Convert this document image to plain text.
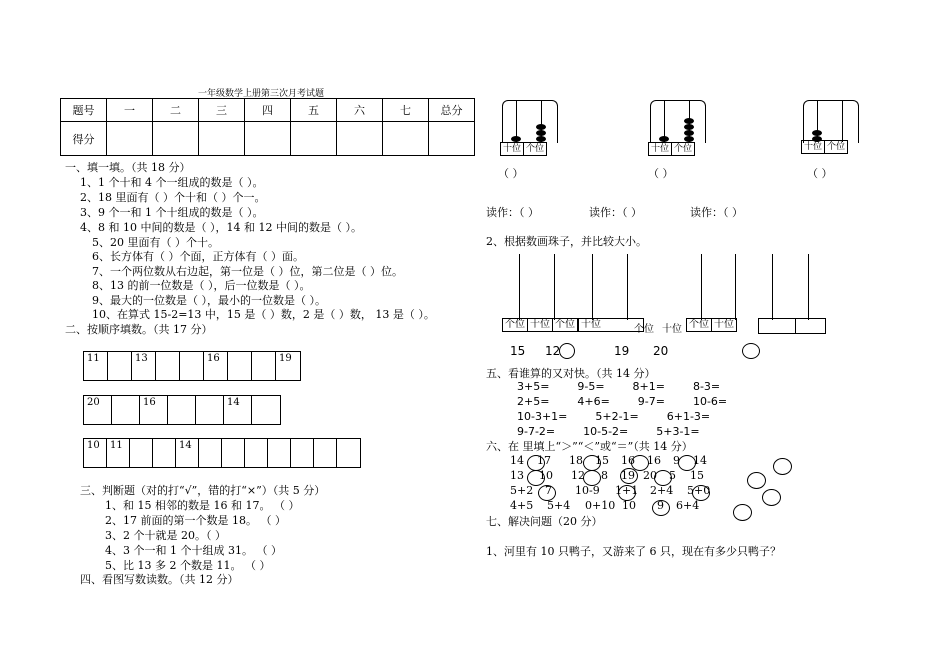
一年级数学上册第三次月考试题
题号	一	二	三	四	五	六	七	总分
得分								
一、填一填。（共 18 分）
1、1 个十和 4 个一组成的数是（ ）。
2、18 里面有（ ）个十和（ ）个一。
3、9 个一和 1 个十组成的数是（ ）。
4、8 和 10 中间的数是（ ），14 和 12 中间的数是（ ）。
5、20 里面有（ ）个十。
6、长方体有（ ）个面，正方体有（ ）面。
7、一个两位数从右边起，第一位是（ ）位，第二位是（ ）位。
8、13 的前一位数是（ ），后一位数是（ ）。
9、最大的一位数是（ ），最小的一位数是（ ）。
10、在算式 15-2=13 中，15 是（ ）数，2 是（ ）数， 13 是（ ）。
二、按顺序填数。（共 17 分）
11	13	16	19
20	16	14
10	11	14
三、判断题（对的打“√”，错的打“×”）（共 5 分）
1、和 15 相邻的数是 16 和 17。 （ ）
2、17 前面的第一个数是 18。 （ ）
3、2 个十就是 20。（ ）
4、3 个一和 1 个十组成 31。 （ ）
5、比 13 多 2 个数是 11。 （ ）
四、看图写数读数。（共 12 分）
十位 个位
（ ）
十位 个位
（ ）
十位 个位
（ ）
读作：（ ）	读作：（ ）	读作：（ ）
2、根据数画珠子，并比较大小。
个位 十位 个位 十位	个位 十位 个位 十位
15 12	19 20
五、看谁算的又对快。（共 14 分）
3+5=        9-5=        8+1=        8-3=
2+5=        4+6=        9-7=        10-6=
10-3+1=        5+2-1=        6+1-3=
9-7-2=        10-5-2=        5+3-1=
六、在 里填上“＞”“＜”或“＝”（共 14 分）
14 17 18 15 16 16 9 14
13 10 12 8 19 20 5 15
5+2 7 10-9 1+1 2+4 5+0
4+5 5+4 0+10 10 9 6+4
七、解决问题（20 分）
1、河里有 10 只鸭子，又游来了 6 只，现在有多少只鸭子？
